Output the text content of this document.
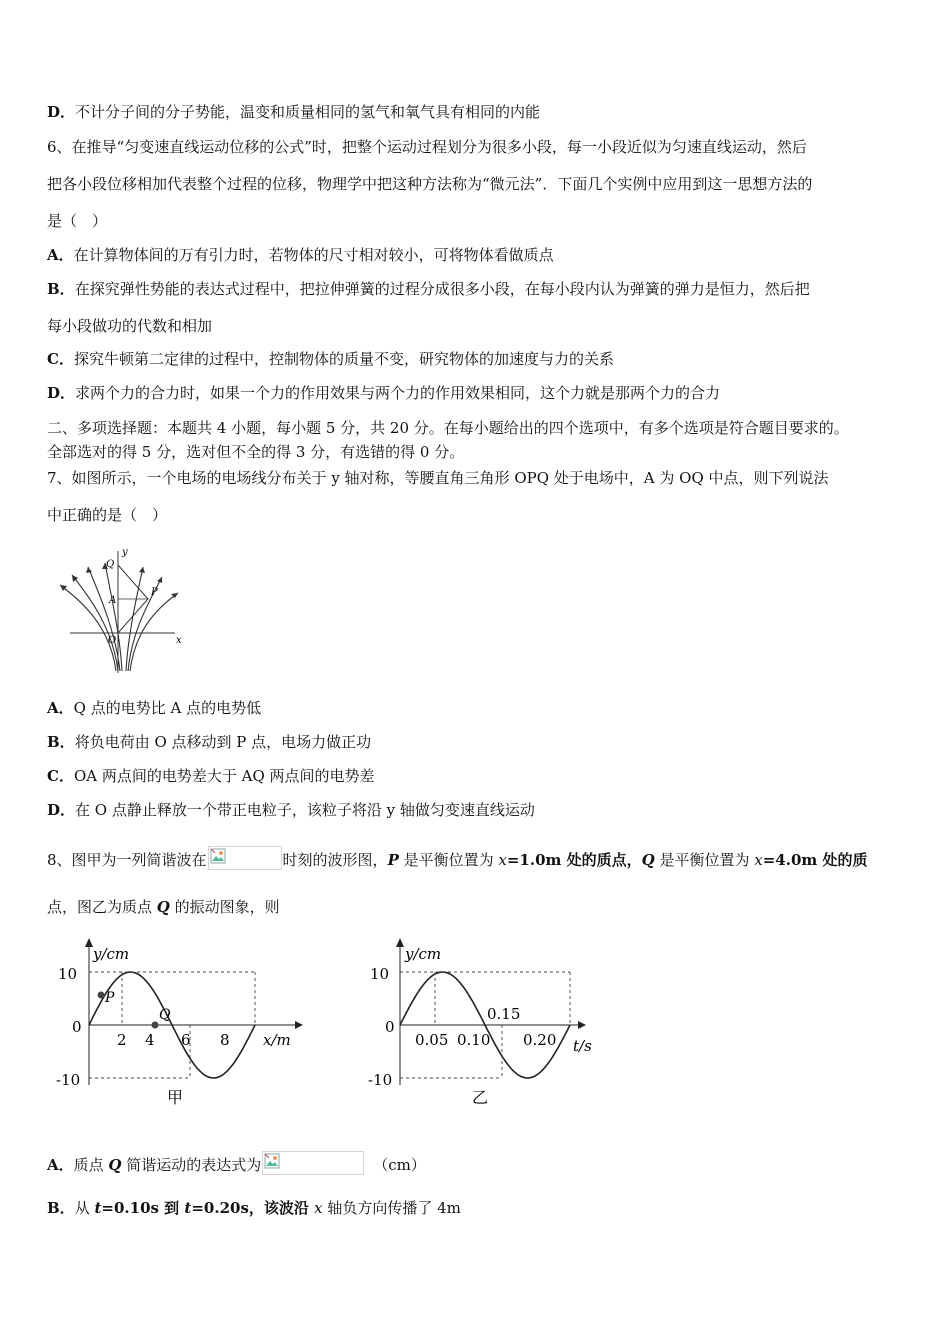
D．不计分子间的分子势能，温变和质量相同的氢气和氧气具有相同的内能
6、在推导“匀变速直线运动位移的公式”时，把整个运动过程划分为很多小段，每一小段近似为匀速直线运动，然后
把各小段位移相加代表整个过程的位移，物理学中把这种方法称为“微元法”．下面几个实例中应用到这一思想方法的
是（　）
A．在计算物体间的万有引力时，若物体的尺寸相对较小，可将物体看做质点
B．在探究弹性势能的表达式过程中，把拉伸弹簧的过程分成很多小段，在每小段内认为弹簧的弹力是恒力，然后把
每小段做功的代数和相加
C．探究牛顿第二定律的过程中，控制物体的质量不变，研究物体的加速度与力的关系
D．求两个力的合力时，如果一个力的作用效果与两个力的作用效果相同，这个力就是那两个力的合力
二、多项选择题：本题共 4 小题，每小题 5 分，共 20 分。在每小题给出的四个选项中，有多个选项是符合题目要求的。
全部选对的得 5 分，选对但不全的得 3 分，有选错的得 0 分。
7、如图所示，一个电场的电场线分布关于 y 轴对称，等腰直角三角形 OPQ 处于电场中，A 为 OQ 中点，则下列说法
中正确的是（　）
y
x
O
Q
A
P
A．Q 点的电势比 A 点的电势低
B．将负电荷由 O 点移动到 P 点，电场力做正功
C．OA 两点间的电势差大于 AQ 两点间的电势差
D．在 O 点静止释放一个带正电粒子，该粒子将沿 y 轴做匀变速直线运动
8、图甲为一列简谐波在	时刻的波形图，P 是平衡位置为 x=1.0m 处的质点，Q 是平衡位置为 x=4.0m 处的质
点，图乙为质点 Q 的振动图象，则
y/cm
x/m
10
0
-10
2 4 6 8
P
Q
甲
y/cm
t/s
10
0
-10
0.05 0.10
0.15
0.20
乙
A．质点 Q 简谐运动的表达式为	（cm）
B．从 t=0.10s 到 t=0.20s，该波沿 x 轴负方向传播了 4m
